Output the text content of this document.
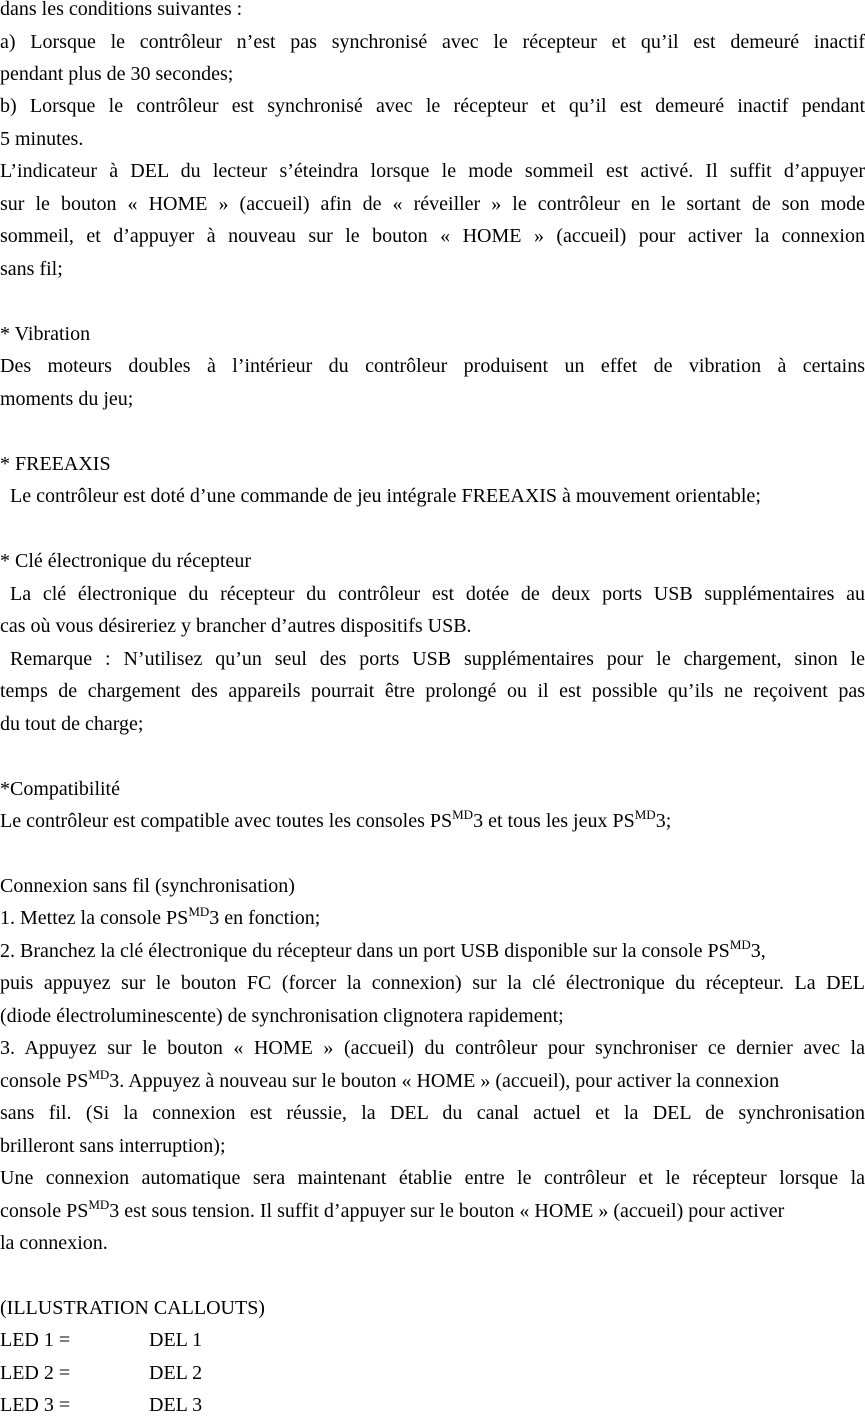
dans les conditions suivantes :
a) Lorsque le contrôleur n’est pas synchronisé avec le récepteur et qu’il est demeuré inactif
pendant plus de 30 secondes;
b) Lorsque le contrôleur est synchronisé avec le récepteur et qu’il est demeuré inactif pendant
5 minutes.
L’indicateur à DEL du lecteur s’éteindra lorsque le mode sommeil est activé. Il suffit d’appuyer
sur le bouton « HOME » (accueil) afin de « réveiller » le contrôleur en le sortant de son mode
sommeil, et d’appuyer à nouveau sur le bouton « HOME » (accueil) pour activer la connexion
sans fil;
* Vibration
Des moteurs doubles à l’intérieur du contrôleur produisent un effet de vibration à certains
moments du jeu;
* FREEAXIS
Le contrôleur est doté d’une commande de jeu intégrale FREEAXIS à mouvement orientable;
* Clé électronique du récepteur
La clé électronique du récepteur du contrôleur est dotée de deux ports USB supplémentaires au
cas où vous désireriez y brancher d’autres dispositifs USB.
Remarque : N’utilisez qu’un seul des ports USB supplémentaires pour le chargement, sinon le
temps de chargement des appareils pourrait être prolongé ou il est possible qu’ils ne reçoivent pas
du tout de charge;
*Compatibilité
Le contrôleur est compatible avec toutes les consoles $PS^{MD}3$ et tous les jeux $PS^{MD}3$;
Connexion sans fil (synchronisation)
1. Mettez la console $PS^{MD}3$ en fonction;
2. Branchez la clé électronique du récepteur dans un port USB disponible sur la console $PS^{MD}3$,
puis appuyez sur le bouton FC (forcer la connexion) sur la clé électronique du récepteur. La DEL
(diode électroluminescente) de synchronisation clignotera rapidement;
3. Appuyez sur le bouton « HOME » (accueil) du contrôleur pour synchroniser ce dernier avec la
console $PS^{MD}3$. Appuyez à nouveau sur le bouton « HOME » (accueil), pour activer la connexion
sans fil. (Si la connexion est réussie, la DEL du canal actuel et la DEL de synchronisation
brilleront sans interruption);
Une connexion automatique sera maintenant établie entre le contrôleur et le récepteur lorsque la
console $PS^{MD}3$ est sous tension. Il suffit d’appuyer sur le bouton « HOME » (accueil) pour activer
la connexion.
(ILLUSTRATION CALLOUTS)
LED 1 =	DEL 1
LED 2 =	DEL 2
LED 3 =	DEL 3
